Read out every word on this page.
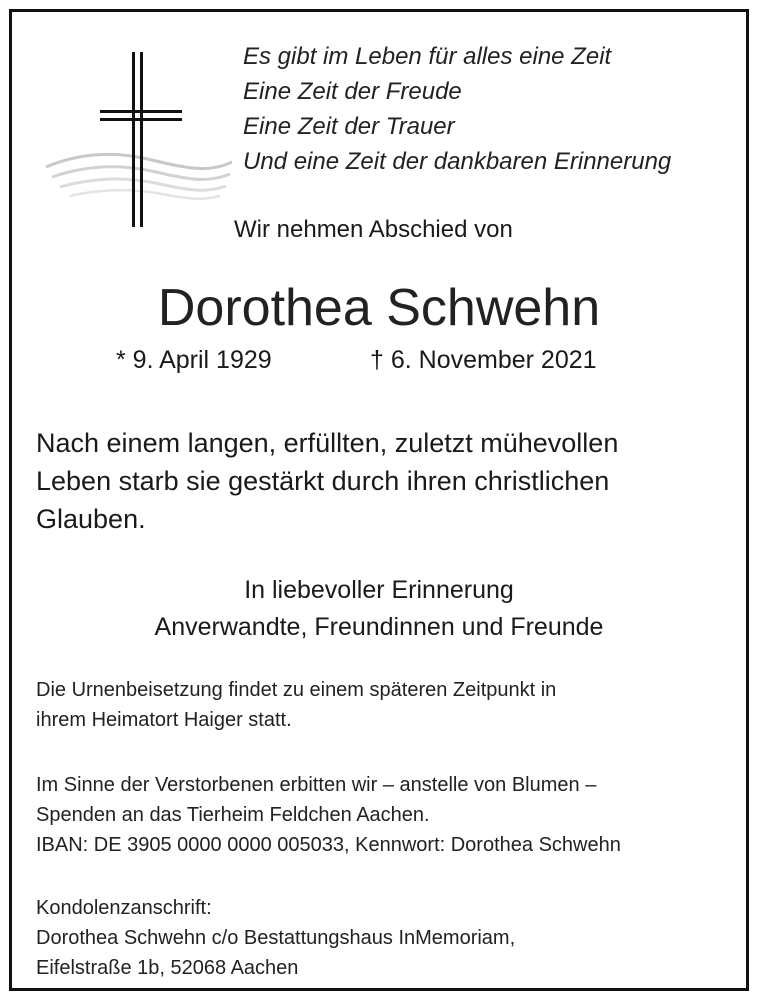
Es gibt im Leben für alles eine Zeit
Eine Zeit der Freude
Eine Zeit der Trauer
Und eine Zeit der dankbaren Erinnerung
Wir nehmen Abschied von
Dorothea Schwehn
* 9. April 1929	† 6. November 2021
Nach einem langen, erfüllten, zuletzt mühevollen
Leben starb sie gestärkt durch ihren christlichen
Glauben.
In liebevoller Erinnerung
Anverwandte, Freundinnen und Freunde
Die Urnenbeisetzung findet zu einem späteren Zeitpunkt in
ihrem Heimatort Haiger statt.
Im Sinne der Verstorbenen erbitten wir – anstelle von Blumen –
Spenden an das Tierheim Feldchen Aachen.
IBAN: DE 3905 0000 0000 005033, Kennwort: Dorothea Schwehn
Kondolenzanschrift:
Dorothea Schwehn c/o Bestattungshaus InMemoriam,
Eifelstraße 1b, 52068 Aachen
